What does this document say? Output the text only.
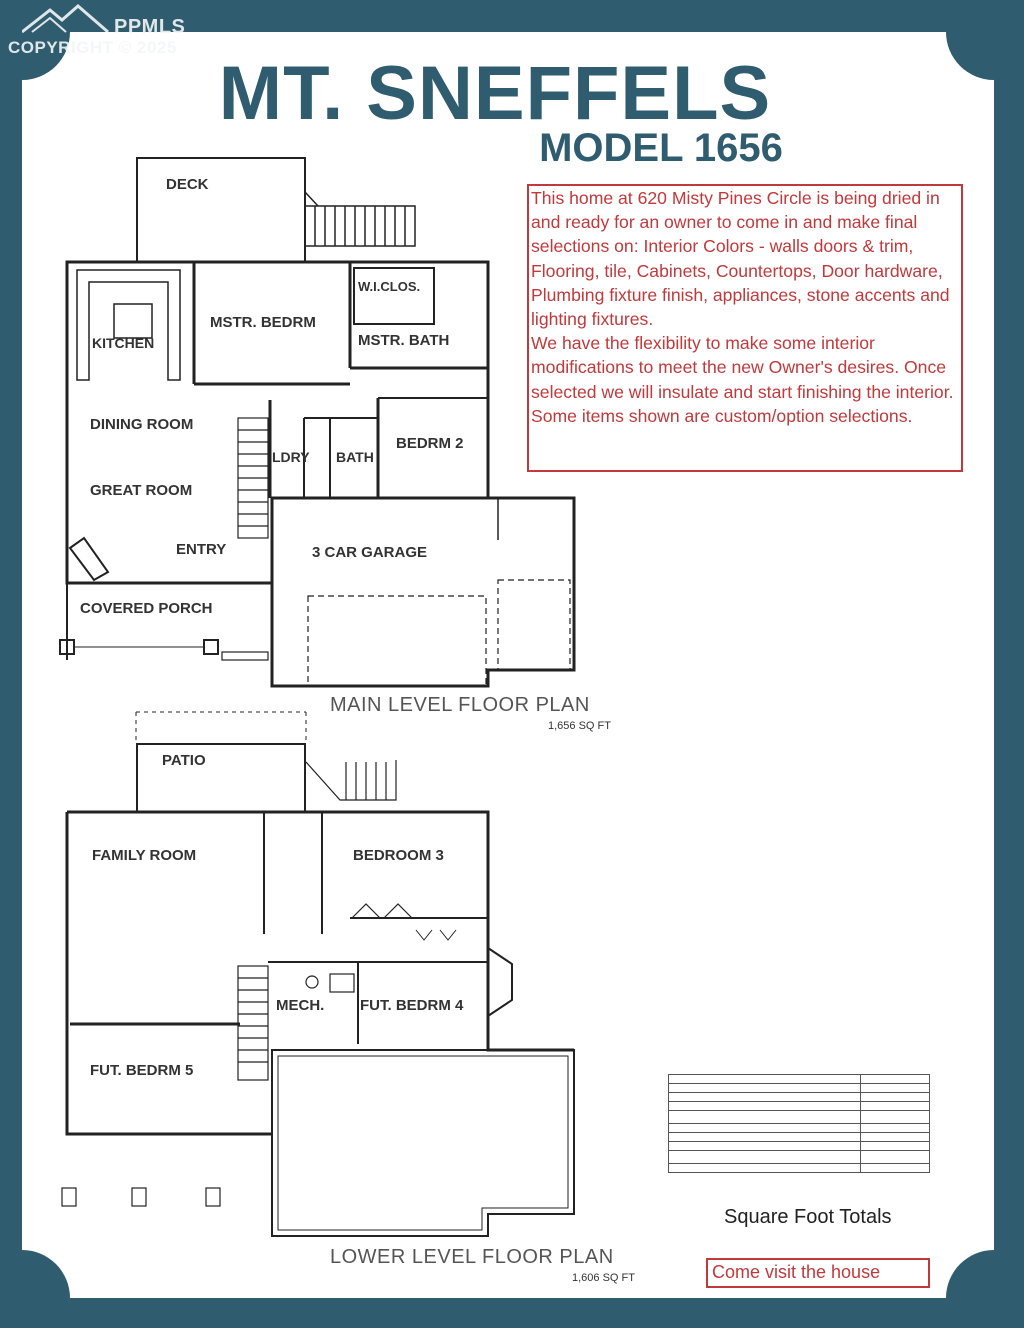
PPMLS
COPYRIGHT © 2025
MT. SNEFFELS
MODEL 1656

This home at 620 Misty Pines Circle is being dried in and ready for an owner to come in and make final selections on: Interior Colors - walls doors & trim, Flooring, tile, Cabinets, Countertops, Door hardware, Plumbing fixture finish, appliances, stone accents and lighting fixtures.

We have the flexibility to make some interior modifications to meet the new Owner's desires. Once selected we will insulate and start finishing the interior.

Some items shown are custom/option selections.

DECK
KITCHEN
MSTR. BEDRM
W.I.CLOS.
MSTR. BATH
DINING ROOM
LDRY BATH
BEDRM 2
GREAT ROOM
ENTRY	3 CAR GARAGE
COVERED PORCH
MAIN LEVEL FLOOR PLAN
1,656 SQ FT
PATIO
FAMILY ROOM	BEDROOM 3
MECH. FUT. BEDRM 4
FUT. BEDRM 5
LOWER LEVEL FLOOR PLAN
1,606 SQ FT

Square Foot Totals
Come visit the house
